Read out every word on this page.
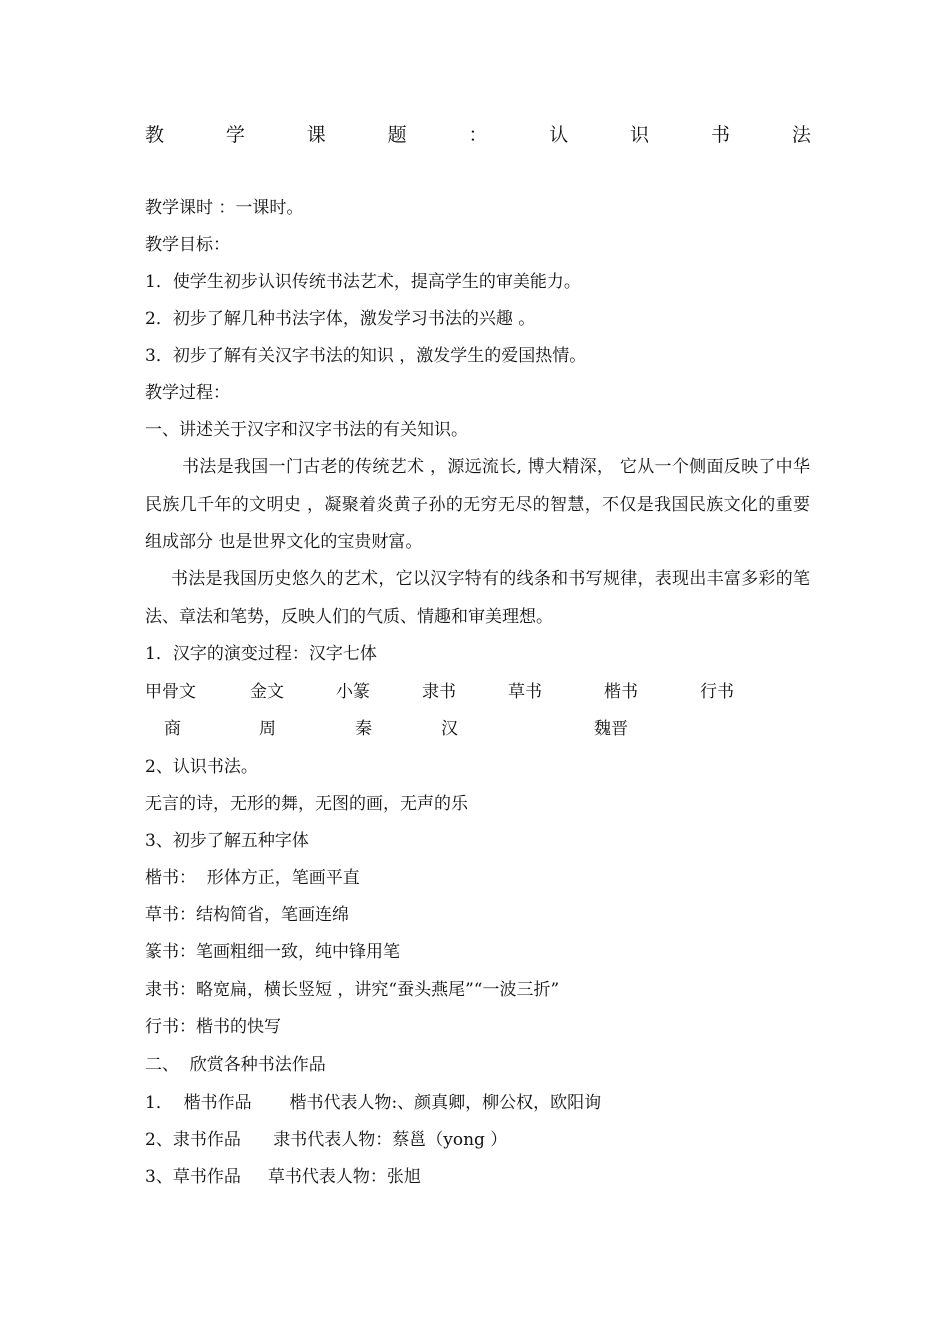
教	学	课	题	：	认	识	书	法
教学课时 ：一课时。
教学目标：
1．使学生初步认识传统书法艺术，提高学生的审美能力。
2．初步了解几种书法字体，激发学习书法的兴趣 。
3．初步了解有关汉字书法的知识 ，激发学生的爱国热情。
教学过程：
一、讲述关于汉字和汉字书法的有关知识。
书法是我国一门古老的传统艺术 ，源远流长, 博大精深， 它从一个侧面反映了中华民族几千年的文明史 ，凝聚着炎黄子孙的无穷无尽的智慧，不仅是我国民族文化的重要组成部分 也是世界文化的宝贵财富。
书法是我国历史悠久的艺术，它以汉字特有的线条和书写规律，表现出丰富多彩的笔法、章法和笔势，反映人们的气质、情趣和审美理想。
1．汉字的演变过程：汉字七体
甲骨文	金文	小篆	隶书	草书	楷书	行书
商	周	秦	汉	魏晋
2、认识书法。
无言的诗，无形的舞，无图的画，无声的乐
3、初步了解五种字体
楷书：  形体方正，笔画平直
草书：结构简省，笔画连绵
篆书：笔画粗细一致，纯中锋用笔
隶书：略宽扁，横长竖短 ，讲究“蚕头燕尾”“一波三折”
行书：楷书的快写
二、  欣赏各种书法作品
1．  楷书作品       楷书代表人物:、颜真卿，柳公权，欧阳询
2、隶书作品      隶书代表人物：蔡邕（yong ）
3、草书作品     草书代表人物：张旭
